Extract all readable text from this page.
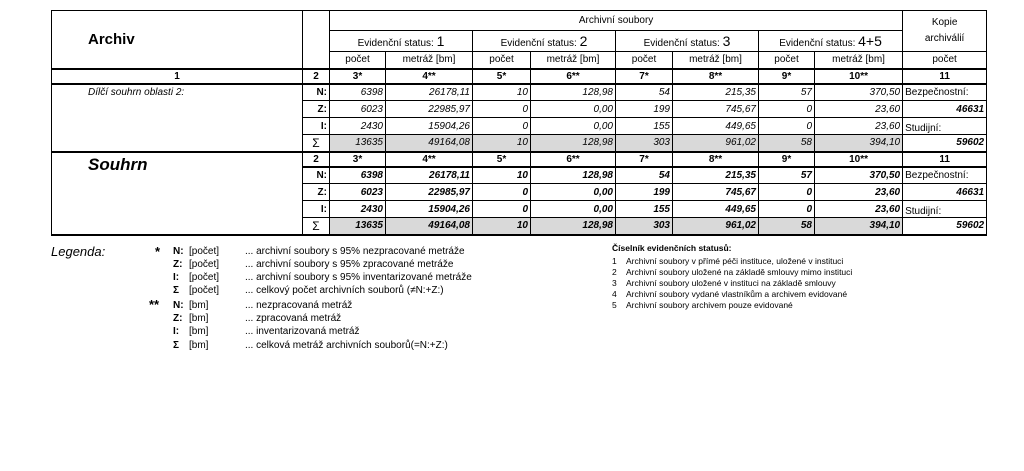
Archiv		Archivní soubory								Kopie
archiválií

		Evidenční status: 1		Evidenční status: 2		Evidenční status: 3		Evidenční status: 4+5		
		počet	metráž [bm]	počet	metráž [bm]	počet	metráž [bm]	počet	metráž [bm]	počet
1	2	3*	4**	5*	6**	7*	8**	9*	10**	11
Dílčí souhrn oblasti 2:	N:	6398	26178,11	10	128,98	54	215,35	57	370,50	Bezpečnostní:
	Z:	6023	22985,97	0	0,00	199	745,67	0	23,60	46631
	I:	2430	15904,26	0	0,00	155	449,65	0	23,60	Studijní:
	Σ	13635	49164,08	10	128,98	303	961,02	58	394,10	59602
Souhrn	2	3*	4**	5*	6**	7*	8**	9*	10**	11
	N:	6398	26178,11	10	128,98	54	215,35	57	370,50	Bezpečnostní:
	Z:	6023	22985,97	0	0,00	199	745,67	0	23,60	46631
	I:	2430	15904,26	0	0,00	155	449,65	0	23,60	Studijní:
	Σ	13635	49164,08	10	128,98	303	961,02	58	394,10	59602
Legenda:	* N: [počet]	... archivní soubory s 95% nezpracované metráže
Z: [počet]	... archivní soubory s 95% zpracované metráže
I: [počet]	... archivní soubory s 95% inventarizované metráže
Σ [počet]	... celkový počet archivních souborů (≠N:+Z:)
** N: [bm]	... nezpracovaná metráž
Z: [bm]	... zpracovaná metráž
I: [bm]	... inventarizovaná metráž
Σ [bm]	... celková metráž archivních souborů(=N:+Z:)
Číselník evidenčních statusů:
1 Archivní soubory v přímé péči instituce, uložené v instituci
2 Archivní soubory uložené na základě smlouvy mimo instituci
3 Archivní soubory uložené v instituci na základě smlouvy
4 Archivní soubory vydané vlastníkům a archivem evidované
5 Archivní soubory archivem pouze evidované
